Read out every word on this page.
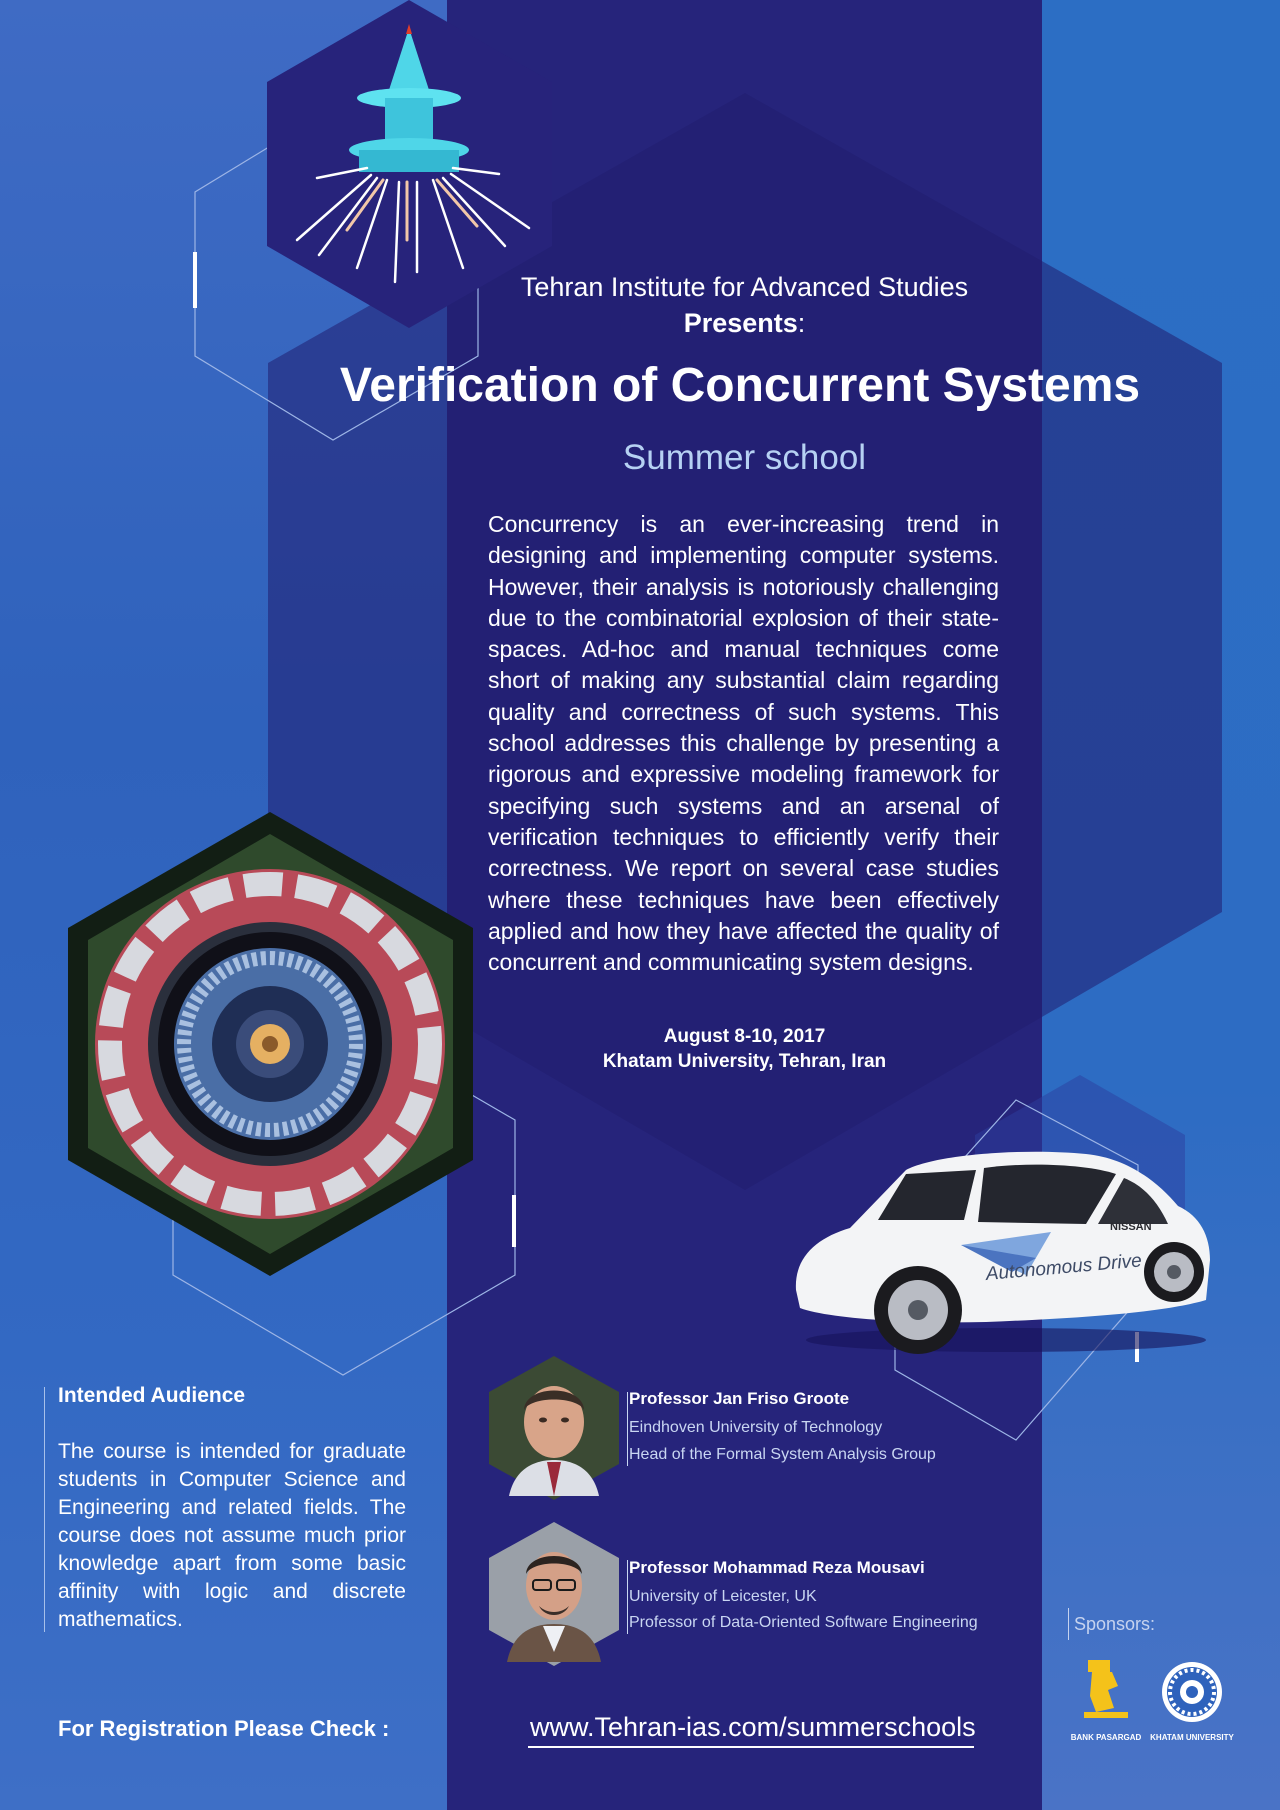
NISSAN
Autonomous Drive
Tehran Institute for Advanced Studies
Presents:
Verification of Concurrent Systems
Summer school

Concurrency is an ever-increasing trend in designing and implementing computer systems. However, their analysis is notoriously challenging due to the combinatorial explosion of their state-spaces. Ad-hoc and manual techniques come short of making any substantial claim regarding quality and correctness of such systems. This school addresses this challenge by presenting a rigorous and expressive modeling framework for specifying such systems and an arsenal of verification techniques to efficiently verify their correctness. We report on several case studies where these techniques have been effectively applied and how they have affected the quality of concurrent and communicating system designs.

August 8-10, 2017
Khatam University, Tehran, Iran
Intended Audience

The course is intended for graduate students in Computer Science and Engineering and related fields. The course does not assume much prior knowledge apart from some basic affinity with logic and discrete mathematics.

Professor Jan Friso Groote
Eindhoven University of Technology
Head of the Formal System Analysis Group
Professor Mohammad Reza Mousavi
University of Leicester, UK
Professor of Data-Oriented Software Engineering	Sponsors:
BANK PASARGAD KHATAM UNIVERSITY
For Registration Please Check :	www.Tehran-ias.com/summerschools
